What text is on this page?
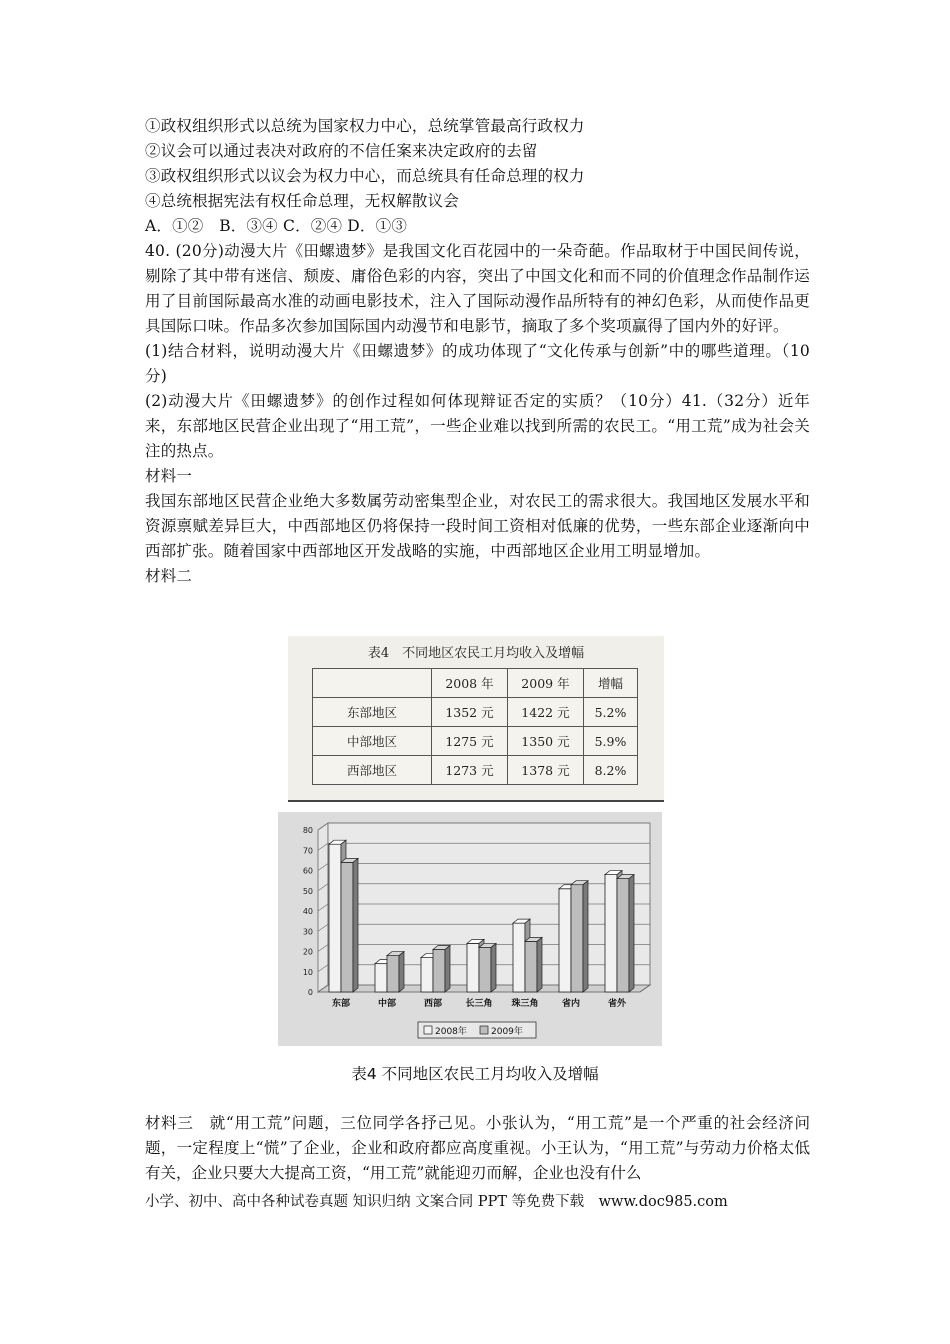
①政权组织形式以总统为国家权力中心，总统掌管最高行政权力
②议会可以通过表决对政府的不信任案来决定政府的去留
③政权组织形式以议会为权力中心，而总统具有任命总理的权力
④总统根据宪法有权任命总理，无权解散议会
A．①②　B．③④ C．②④ D．①③
40. (20分)动漫大片《田螺遗梦》是我国文化百花园中的一朵奇葩。作品取材于中国民间传说，剔除了其中带有迷信、颓废、庸俗色彩的内容，突出了中国文化和而不同的价值理念作品制作运用了目前国际最高水准的动画电影技术，注入了国际动漫作品所特有的神幻色彩，从而使作品更具国际口味。作品多次参加国际国内动漫节和电影节，摘取了多个奖项赢得了国内外的好评。
(1)结合材料，说明动漫大片《田螺遗梦》的成功体现了“文化传承与创新”中的哪些道理。（10分)
(2)动漫大片《田螺遗梦》的创作过程如何体现辩证否定的实质？（10分）41.（32分）近年来，东部地区民营企业出现了“用工荒”，一些企业难以找到所需的农民工。“用工荒”成为社会关注的热点。
材料一
我国东部地区民营企业绝大多数属劳动密集型企业，对农民工的需求很大。我国地区发展水平和资源禀赋差异巨大，中西部地区仍将保持一段时间工资相对低廉的优势，一些东部企业逐渐向中西部扩张。随着国家中西部地区开发战略的实施，中西部地区企业用工明显增加。
材料二
表4　不同地区农民工月均收入及增幅
	2008 年	2009 年	增幅
东部地区	1352 元	1422 元	5.2%
中部地区	1275 元	1350 元	5.9%
西部地区	1273 元	1378 元	8.2%
0
10
20
30
40
50
60
70
80
东部	中部	西部	长三角 珠三角	省内	省外
2008年	2009年
表4 不同地区农民工月均收入及增幅
材料三　就“用工荒”问题，三位同学各抒己见。小张认为，“用工荒”是一个严重的社会经济问题，一定程度上“慌”了企业，企业和政府都应高度重视。小王认为，“用工荒”与劳动力价格太低有关，企业只要大大提高工资，“用工荒”就能迎刃而解，企业也没有什么
小学、初中、高中各种试卷真题 知识归纳 文案合同 PPT 等免费下载　www.doc985.com
